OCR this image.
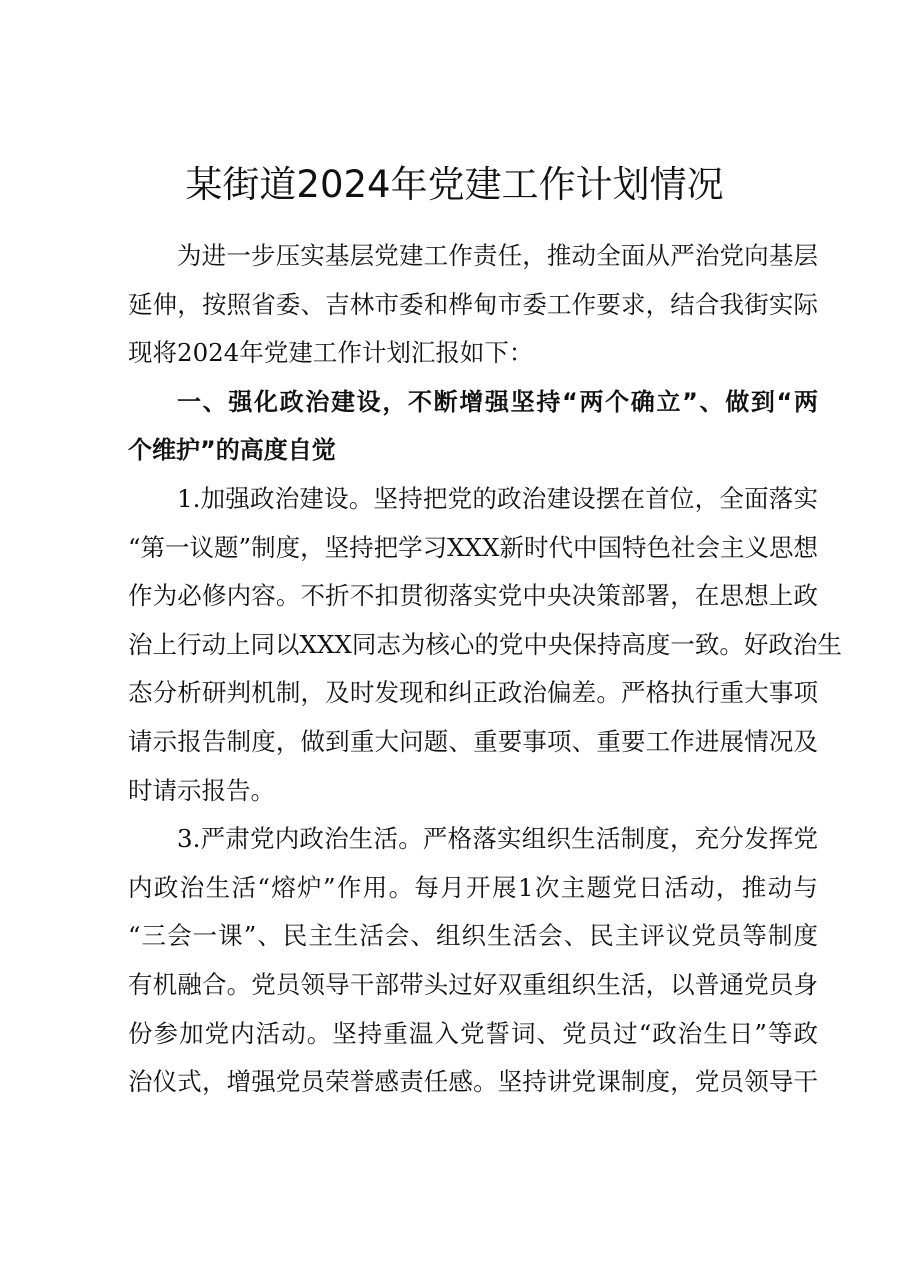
某街道2024年党建工作计划情况
为进一步压实基层党建工作责任，推动全面从严治党向基层
延伸，按照省委、吉林市委和桦甸市委工作要求，结合我街实际
现将2024年党建工作计划汇报如下：
一、强化政治建设，不断增强坚持“两个确立”、做到“两
个维护”的高度自觉
1.加强政治建设。坚持把党的政治建设摆在首位，全面落实
“第一议题”制度，坚持把学习XXX新时代中国特色社会主义思想
作为必修内容。不折不扣贯彻落实党中央决策部署，在思想上政
治上行动上同以XXX同志为核心的党中央保持高度一致。好政治生
态分析研判机制，及时发现和纠正政治偏差。严格执行重大事项
请示报告制度，做到重大问题、重要事项、重要工作进展情况及
时请示报告。
3.严肃党内政治生活。严格落实组织生活制度，充分发挥党
内政治生活“熔炉”作用。每月开展1次主题党日活动，推动与
“三会一课”、民主生活会、组织生活会、民主评议党员等制度
有机融合。党员领导干部带头过好双重组织生活，以普通党员身
份参加党内活动。坚持重温入党誓词、党员过“政治生日”等政
治仪式，增强党员荣誉感责任感。坚持讲党课制度，党员领导干
